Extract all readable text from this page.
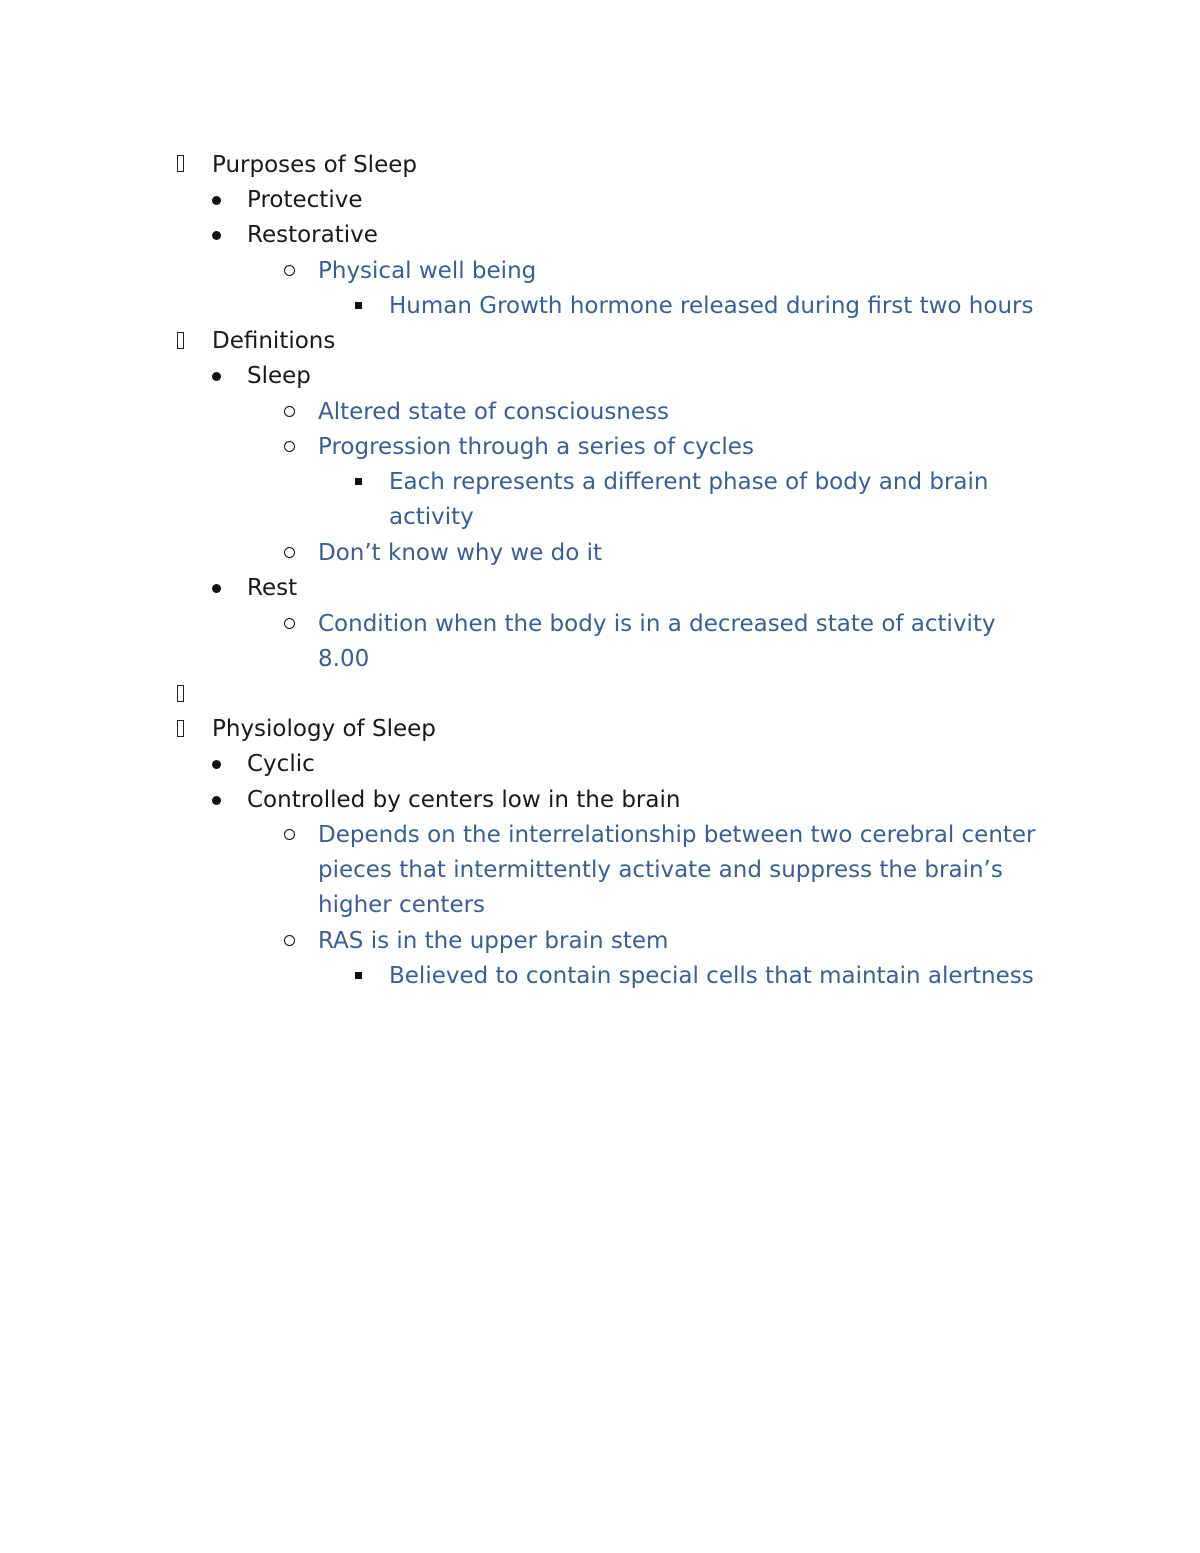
Purposes of Sleep
Protective
Restorative
Physical well being
Human Growth hormone released during first two hours
Definitions
Sleep
Altered state of consciousness
Progression through a series of cycles
Each represents a different phase of body and brain
activity
Don’t know why we do it
Rest
Condition when the body is in a decreased state of activity
8.00
Physiology of Sleep
Cyclic
Controlled by centers low in the brain
Depends on the interrelationship between two cerebral center
pieces that intermittently activate and suppress the brain’s
higher centers
RAS is in the upper brain stem
Believed to contain special cells that maintain alertness
